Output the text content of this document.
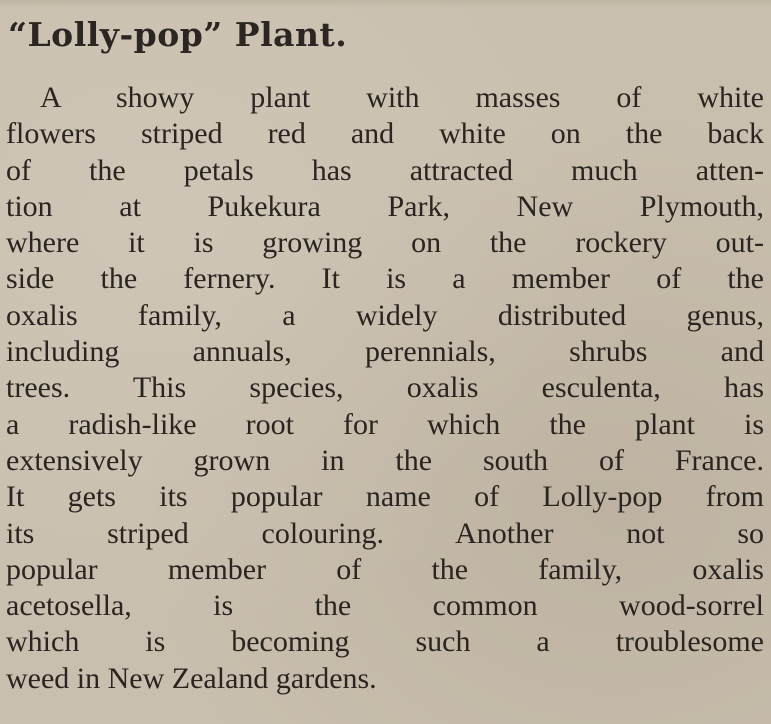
“Lolly-pop” Plant.
A showy plant with masses of white
flowers striped red and white on the back
of the petals has attracted much atten-
tion at Pukekura Park, New Plymouth,
where it is growing on the rockery out-
side the fernery. It is a member of the
oxalis family, a widely distributed genus,
including annuals, perennials, shrubs and
trees. This species, oxalis esculenta, has
a radish-like root for which the plant is
extensively grown in the south of France.
It gets its popular name of Lolly-pop from
its striped colouring. Another not so
popular member of the family, oxalis
acetosella, is the common wood-sorrel
which is becoming such a troublesome
weed in New Zealand gardens.
